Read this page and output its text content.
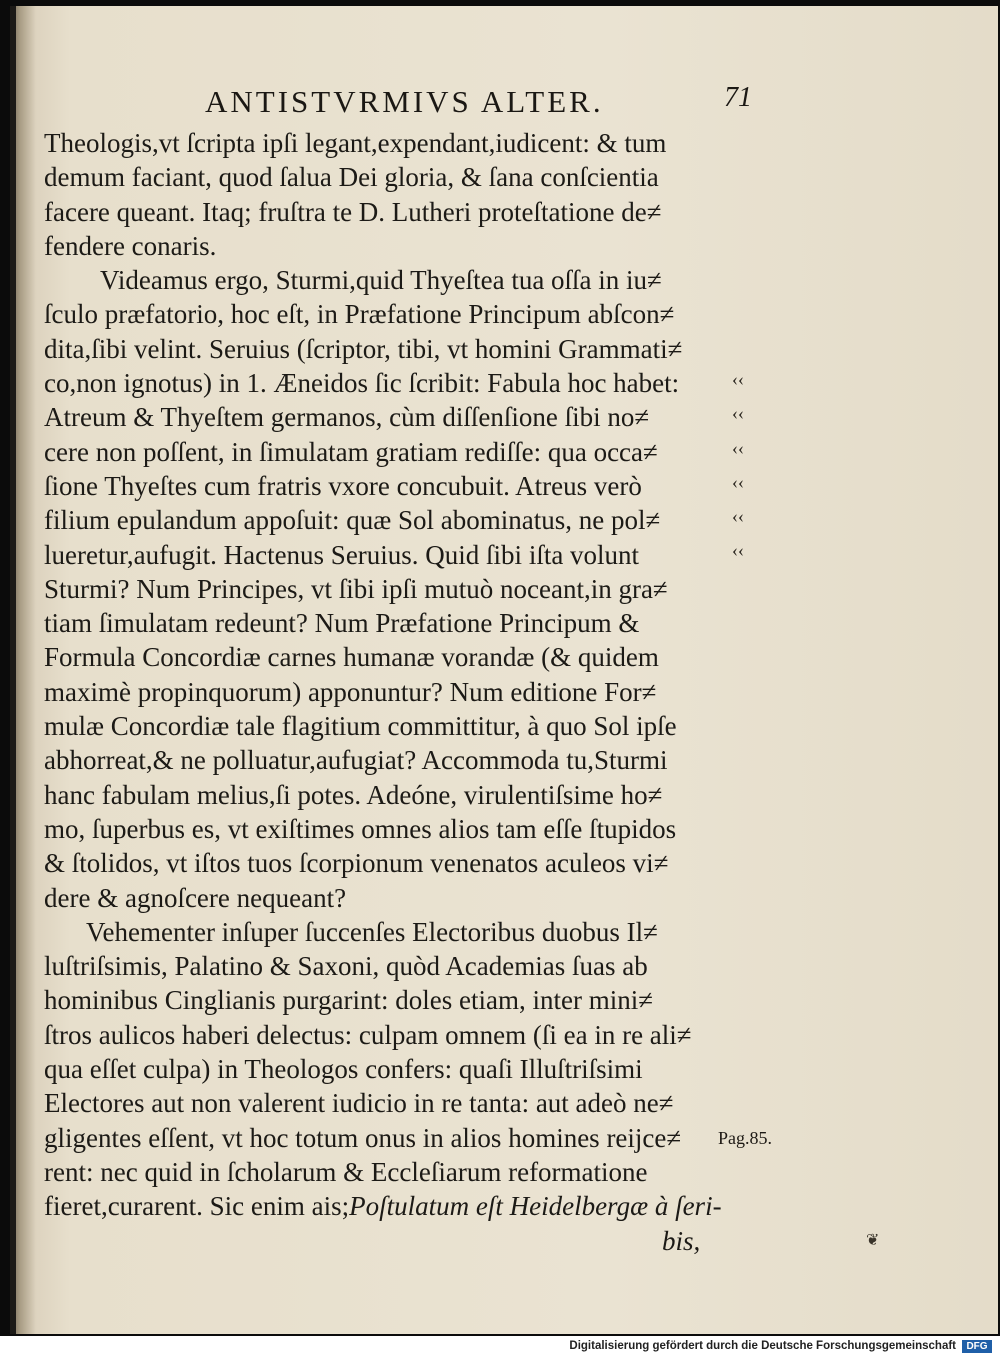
ANTISTVRMIVS ALTER.	71
Theologis,vt ſcripta ipſi legant,expendant,iudicent: & tum
demum faciant, quod ſalua Dei gloria, & ſana conſcientia
facere queant. Itaq; fruſtra te D. Lutheri proteſtatione de≠
fendere conaris.
Videamus ergo, Sturmi,quid Thyeſtea tua oſſa in iu≠
ſculo præfatorio, hoc eſt, in Præfatione Principum abſcon≠
dita,ſibi velint. Seruius (ſcriptor, tibi, vt homini Grammati≠
co,non ignotus) in 1. Æneidos ſic ſcribit: Fabula hoc habet:
Atreum & Thyeſtem germanos, cùm diſſenſione ſibi no≠
cere non poſſent, in ſimulatam gratiam rediſſe: qua occa≠
ſione Thyeſtes cum fratris vxore concubuit. Atreus verò
filium epulandum appoſuit: quæ Sol abominatus, ne pol≠
lueretur,aufugit. Hactenus Seruius. Quid ſibi iſta volunt
Sturmi? Num Principes, vt ſibi ipſi mutuò noceant,in gra≠
tiam ſimulatam redeunt? Num Præfatione Principum &
Formula Concordiæ carnes humanæ vorandæ (& quidem
maximè propinquorum) apponuntur? Num editione For≠
mulæ Concordiæ tale flagitium committitur, à quo Sol ipſe
abhorreat,& ne polluatur,aufugiat? Accommoda tu,Sturmi
hanc fabulam melius,ſi potes. Adeóne, virulentiſsime ho≠
mo, ſuperbus es, vt exiſtimes omnes alios tam eſſe ſtupidos
& ſtolidos, vt iſtos tuos ſcorpionum venenatos aculeos vi≠
dere & agnoſcere nequeant?
Vehementer inſuper ſuccenſes Electoribus duobus Il≠
luſtriſsimis, Palatino & Saxoni, quòd Academias ſuas ab
hominibus Cinglianis purgarint: doles etiam, inter mini≠
ſtros aulicos haberi delectus: culpam omnem (ſi ea in re ali≠
qua eſſet culpa) in Theologos confers: quaſi Illuſtriſsimi
Electores aut non valerent iudicio in re tanta: aut adeò ne≠
gligentes eſſent, vt hoc totum onus in alios homines reijce≠
rent: nec quid in ſcholarum & Eccleſiarum reformatione
fieret,curarent. Sic enim ais;Poſtulatum eſt Heidelbergæ à ſeri-
bis,
‹‹
‹‹
‹‹
‹‹
‹‹
‹‹
Pag.85.
❦
Digitalisierung gefördert durch die Deutsche Forschungsgemeinschaft	DFG
